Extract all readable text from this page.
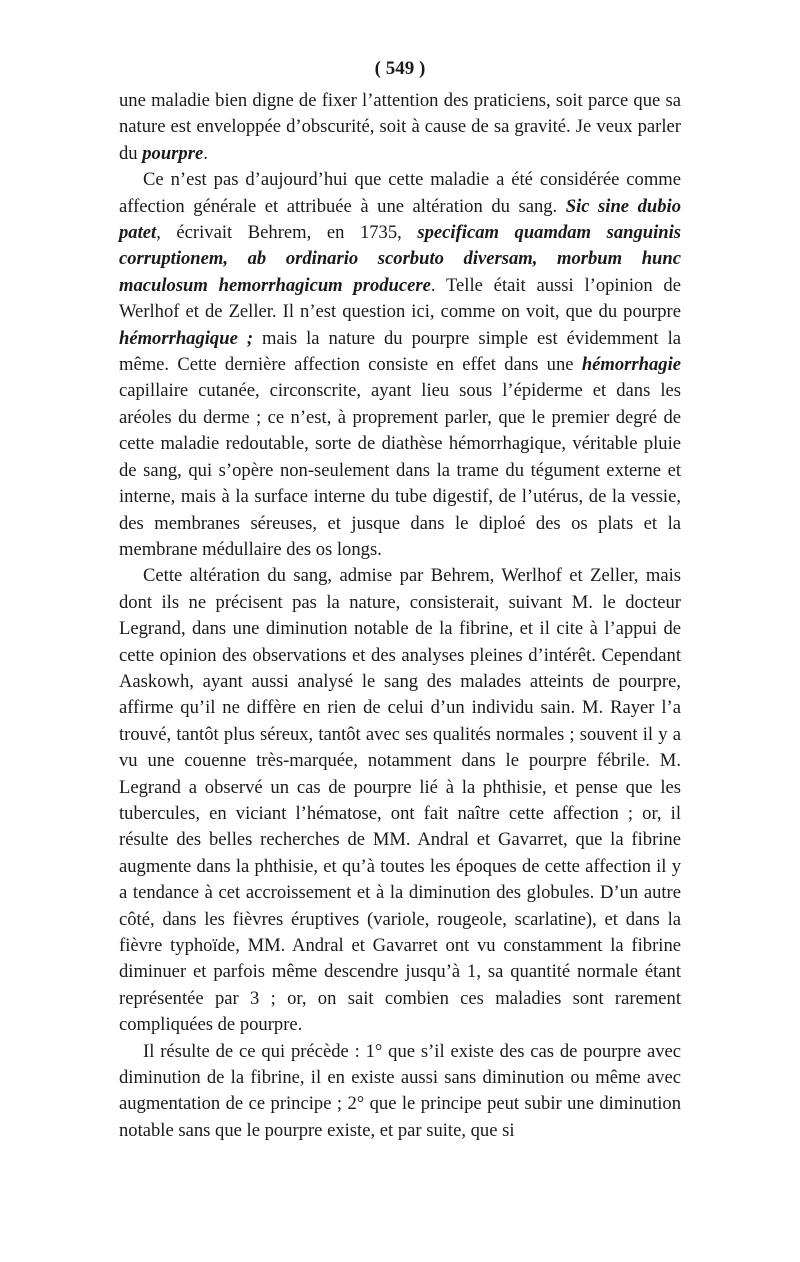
( 549 )

une maladie bien digne de fixer l’attention des praticiens, soit parce que sa nature est enveloppée d’obscurité, soit à cause de sa gravité. Je veux parler du pourpre.

Ce n’est pas d’aujourd’hui que cette maladie a été considérée comme affection générale et attribuée à une altération du sang. Sic sine dubio patet, écrivait Behrem, en 1735, specificam quamdam sanguinis corruptionem, ab ordinario scorbuto diversam, morbum hunc maculosum hemorrhagicum producere. Telle était aussi l’opinion de Werlhof et de Zeller. Il n’est question ici, comme on voit, que du pourpre hémorrhagique ; mais la nature du pourpre simple est évidemment la même. Cette dernière affection consiste en effet dans une hémorrhagie capillaire cutanée, circonscrite, ayant lieu sous l’épiderme et dans les aréoles du derme ; ce n’est, à proprement parler, que le premier degré de cette maladie redoutable, sorte de diathèse hémorrhagique, véritable pluie de sang, qui s’opère non-seulement dans la trame du tégument externe et interne, mais à la surface interne du tube digestif, de l’utérus, de la vessie, des membranes séreuses, et jusque dans le diploé des os plats et la membrane médullaire des os longs.

Cette altération du sang, admise par Behrem, Werlhof et Zeller, mais dont ils ne précisent pas la nature, consisterait, suivant M. le docteur Legrand, dans une diminution notable de la fibrine, et il cite à l’appui de cette opinion des observations et des analyses pleines d’intérêt. Cependant Aaskowh, ayant aussi analysé le sang des malades atteints de pourpre, affirme qu’il ne diffère en rien de celui d’un individu sain. M. Rayer l’a trouvé, tantôt plus séreux, tantôt avec ses qualités normales ; souvent il y a vu une couenne très-marquée, notamment dans le pourpre fébrile. M. Legrand a observé un cas de pourpre lié à la phthisie, et pense que les tubercules, en viciant l’hématose, ont fait naître cette affection ; or, il résulte des belles recherches de MM. Andral et Gavarret, que la fibrine augmente dans la phthisie, et qu’à toutes les époques de cette affection il y a tendance à cet accroissement et à la diminution des globules. D’un autre côté, dans les fièvres éruptives (variole, rougeole, scarlatine), et dans la fièvre typhoïde, MM. Andral et Gavarret ont vu constamment la fibrine diminuer et parfois même descendre jusqu’à 1, sa quantité normale étant représentée par 3 ; or, on sait combien ces maladies sont rarement compliquées de pourpre.

Il résulte de ce qui précède : 1° que s’il existe des cas de pourpre avec diminution de la fibrine, il en existe aussi sans diminution ou même avec augmentation de ce principe ; 2° que le principe peut subir une diminution notable sans que le pourpre existe, et par suite, que si
